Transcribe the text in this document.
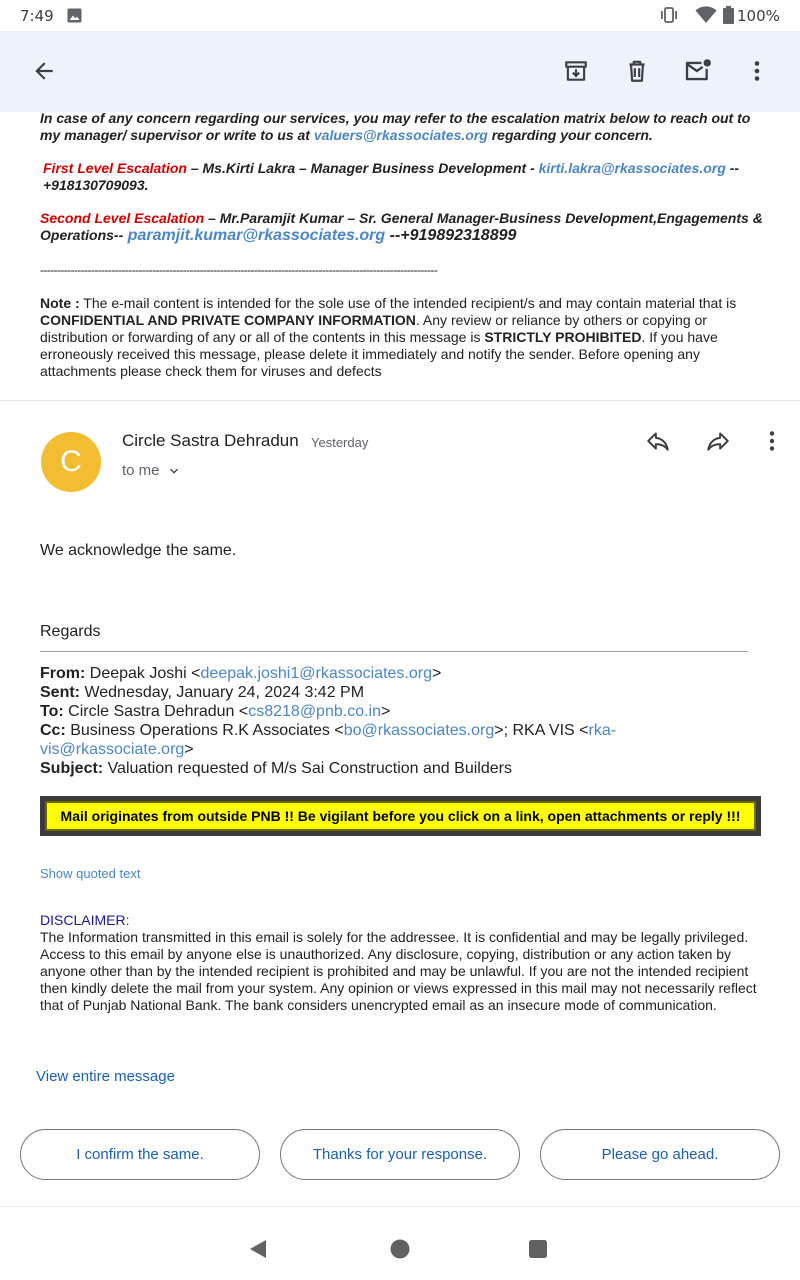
7:49	100%

In case of any concern regarding our services, you may refer to the escalation matrix below to reach out to my manager/ supervisor or write to us at valuers@rkassociates.org regarding your concern.

First Level Escalation – Ms.Kirti Lakra – Manager Business Development - kirti.lakra@rkassociates.org --+918130709093.

Second Level Escalation – Mr.Paramjit Kumar – Sr. General Manager-Business Development,Engagements & Operations-- paramjit.kumar@rkassociates.org --+919892318899

---------------------------------------------------------------------------------------------------------------------

Note : The e-mail content is intended for the sole use of the intended recipient/s and may contain material that is CONFIDENTIAL AND PRIVATE COMPANY INFORMATION. Any review or reliance by others or copying or distribution or forwarding of any or all of the contents in this message is STRICTLY PROHIBITED. If you have erroneously received this message, please delete it immediately and notify the sender. Before opening any attachments please check them for viruses and defects

C
Circle Sastra Dehradun Yesterday
to me

We acknowledge the same.

Regards

From: Deepak Joshi <deepak.joshi1@rkassociates.org>

Sent: Wednesday, January 24, 2024 3:42 PM

To: Circle Sastra Dehradun <cs8218@pnb.co.in>

Cc: Business Operations R.K Associates <bo@rkassociates.org>; RKA VIS <rka-vis@rkassociate.org>

Subject: Valuation requested of M/s Sai Construction and Builders

Mail originates from outside PNB !! Be vigilant before you click on a link, open attachments or reply !!!
Show quoted text

DISCLAIMER:

The Information transmitted in this email is solely for the addressee. It is confidential and may be legally privileged. Access to this email by anyone else is unauthorized. Any disclosure, copying, distribution or any action taken by anyone other than by the intended recipient is prohibited and may be unlawful. If you are not the intended recipient then kindly delete the mail from your system. Any opinion or views expressed in this mail may not necessarily reflect that of Punjab National Bank. The bank considers unencrypted email as an insecure mode of communication.

View entire message
I confirm the same.	Thanks for your response.	Please go ahead.
